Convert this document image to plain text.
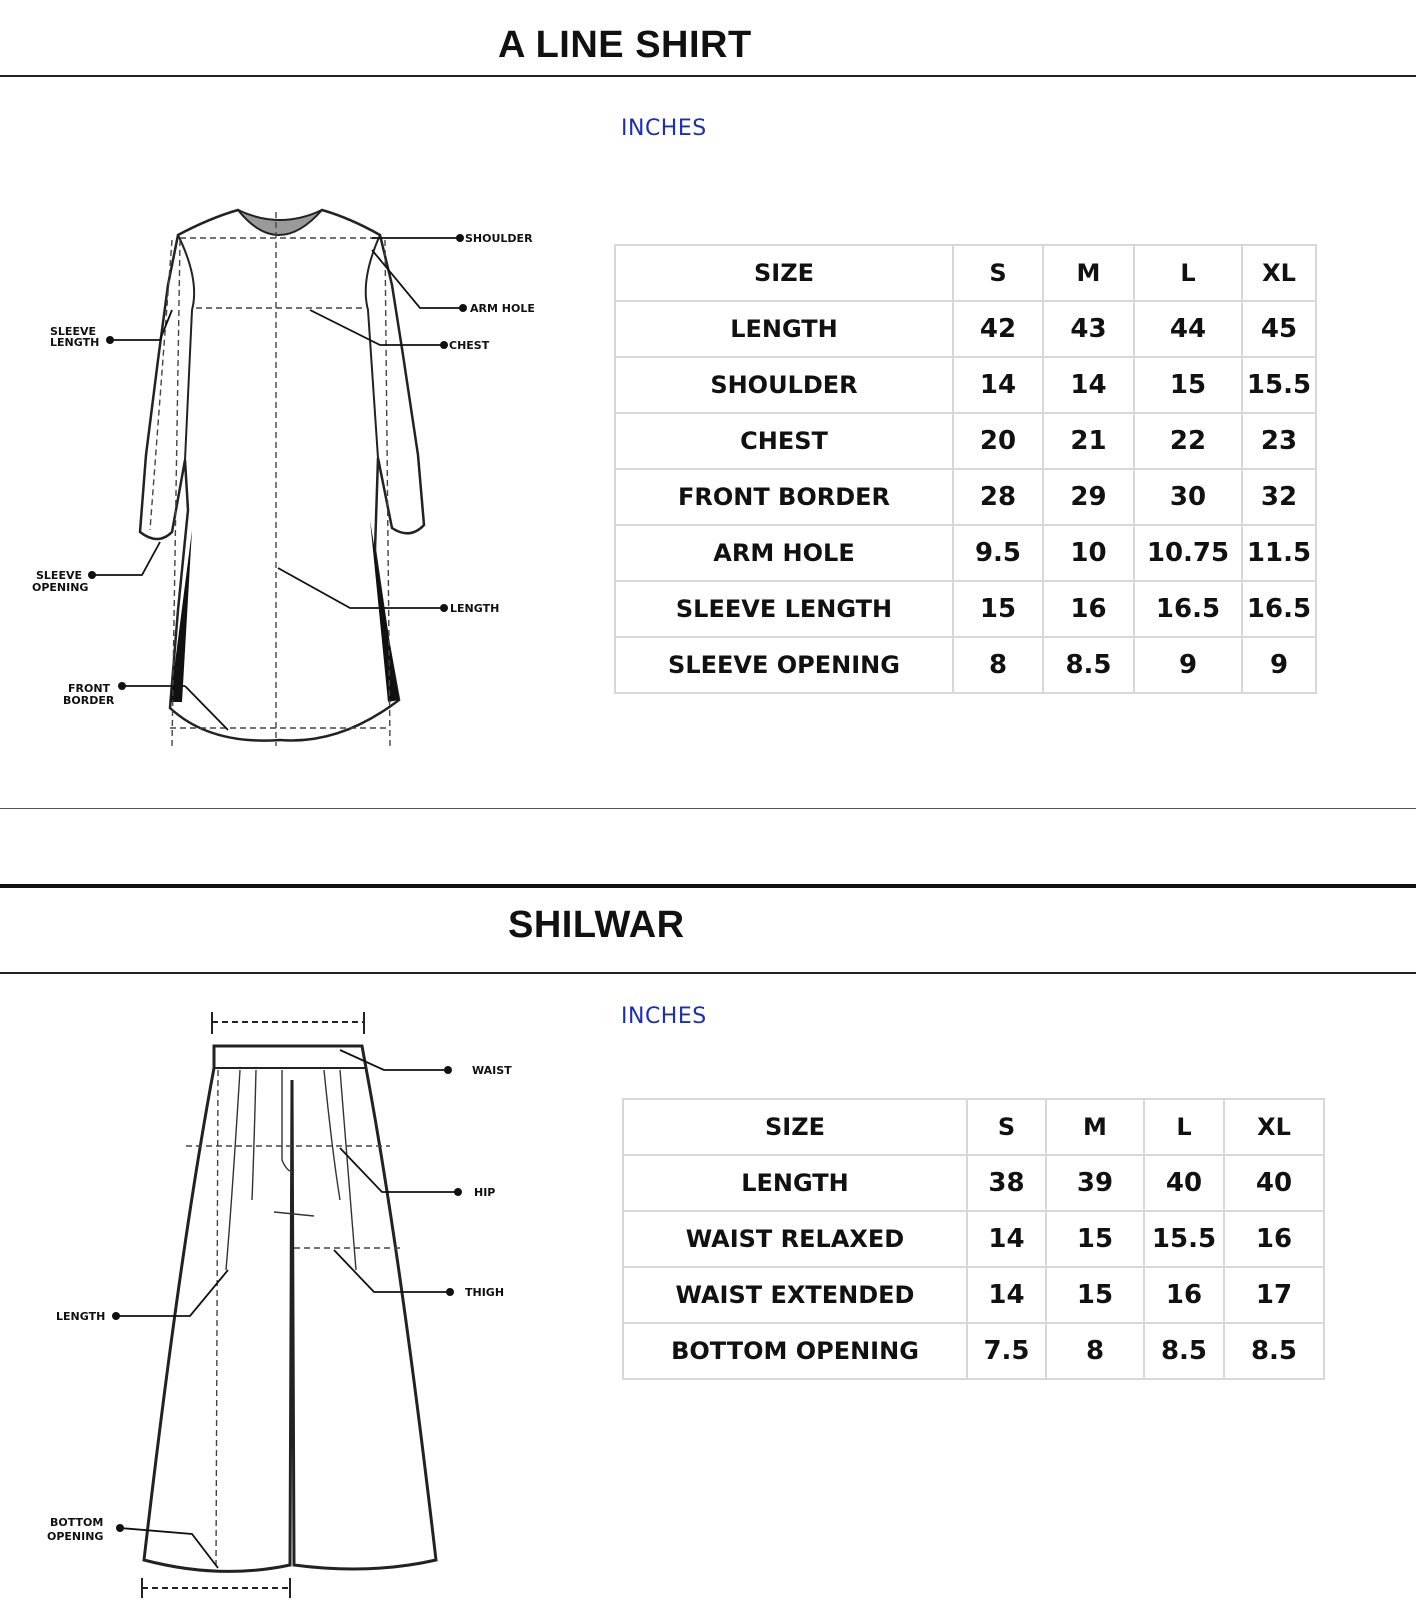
A LINE SHIRT
INCHES
SHOULDER
ARM HOLE
CHEST
SLEEVE
LENGTH
SLEEVE
OPENING
LENGTH
FRONT
BORDER
SIZE	S	M	L	XL
LENGTH	42	43	44	45
SHOULDER	14	14	15	15.5
CHEST	20	21	22	23
FRONT BORDER	28	29	30	32
ARM HOLE	9.5	10	10.75	11.5
SLEEVE LENGTH	15	16	16.5	16.5
SLEEVE OPENING	8	8.5	9	9
SHILWAR
INCHES
WAIST
HIP
THIGH
LENGTH
BOTTOM
OPENING
SIZE	S	M	L	XL
LENGTH	38	39	40	40
WAIST RELAXED	14	15	15.5	16
WAIST EXTENDED	14	15	16	17
BOTTOM OPENING	7.5	8	8.5	8.5
